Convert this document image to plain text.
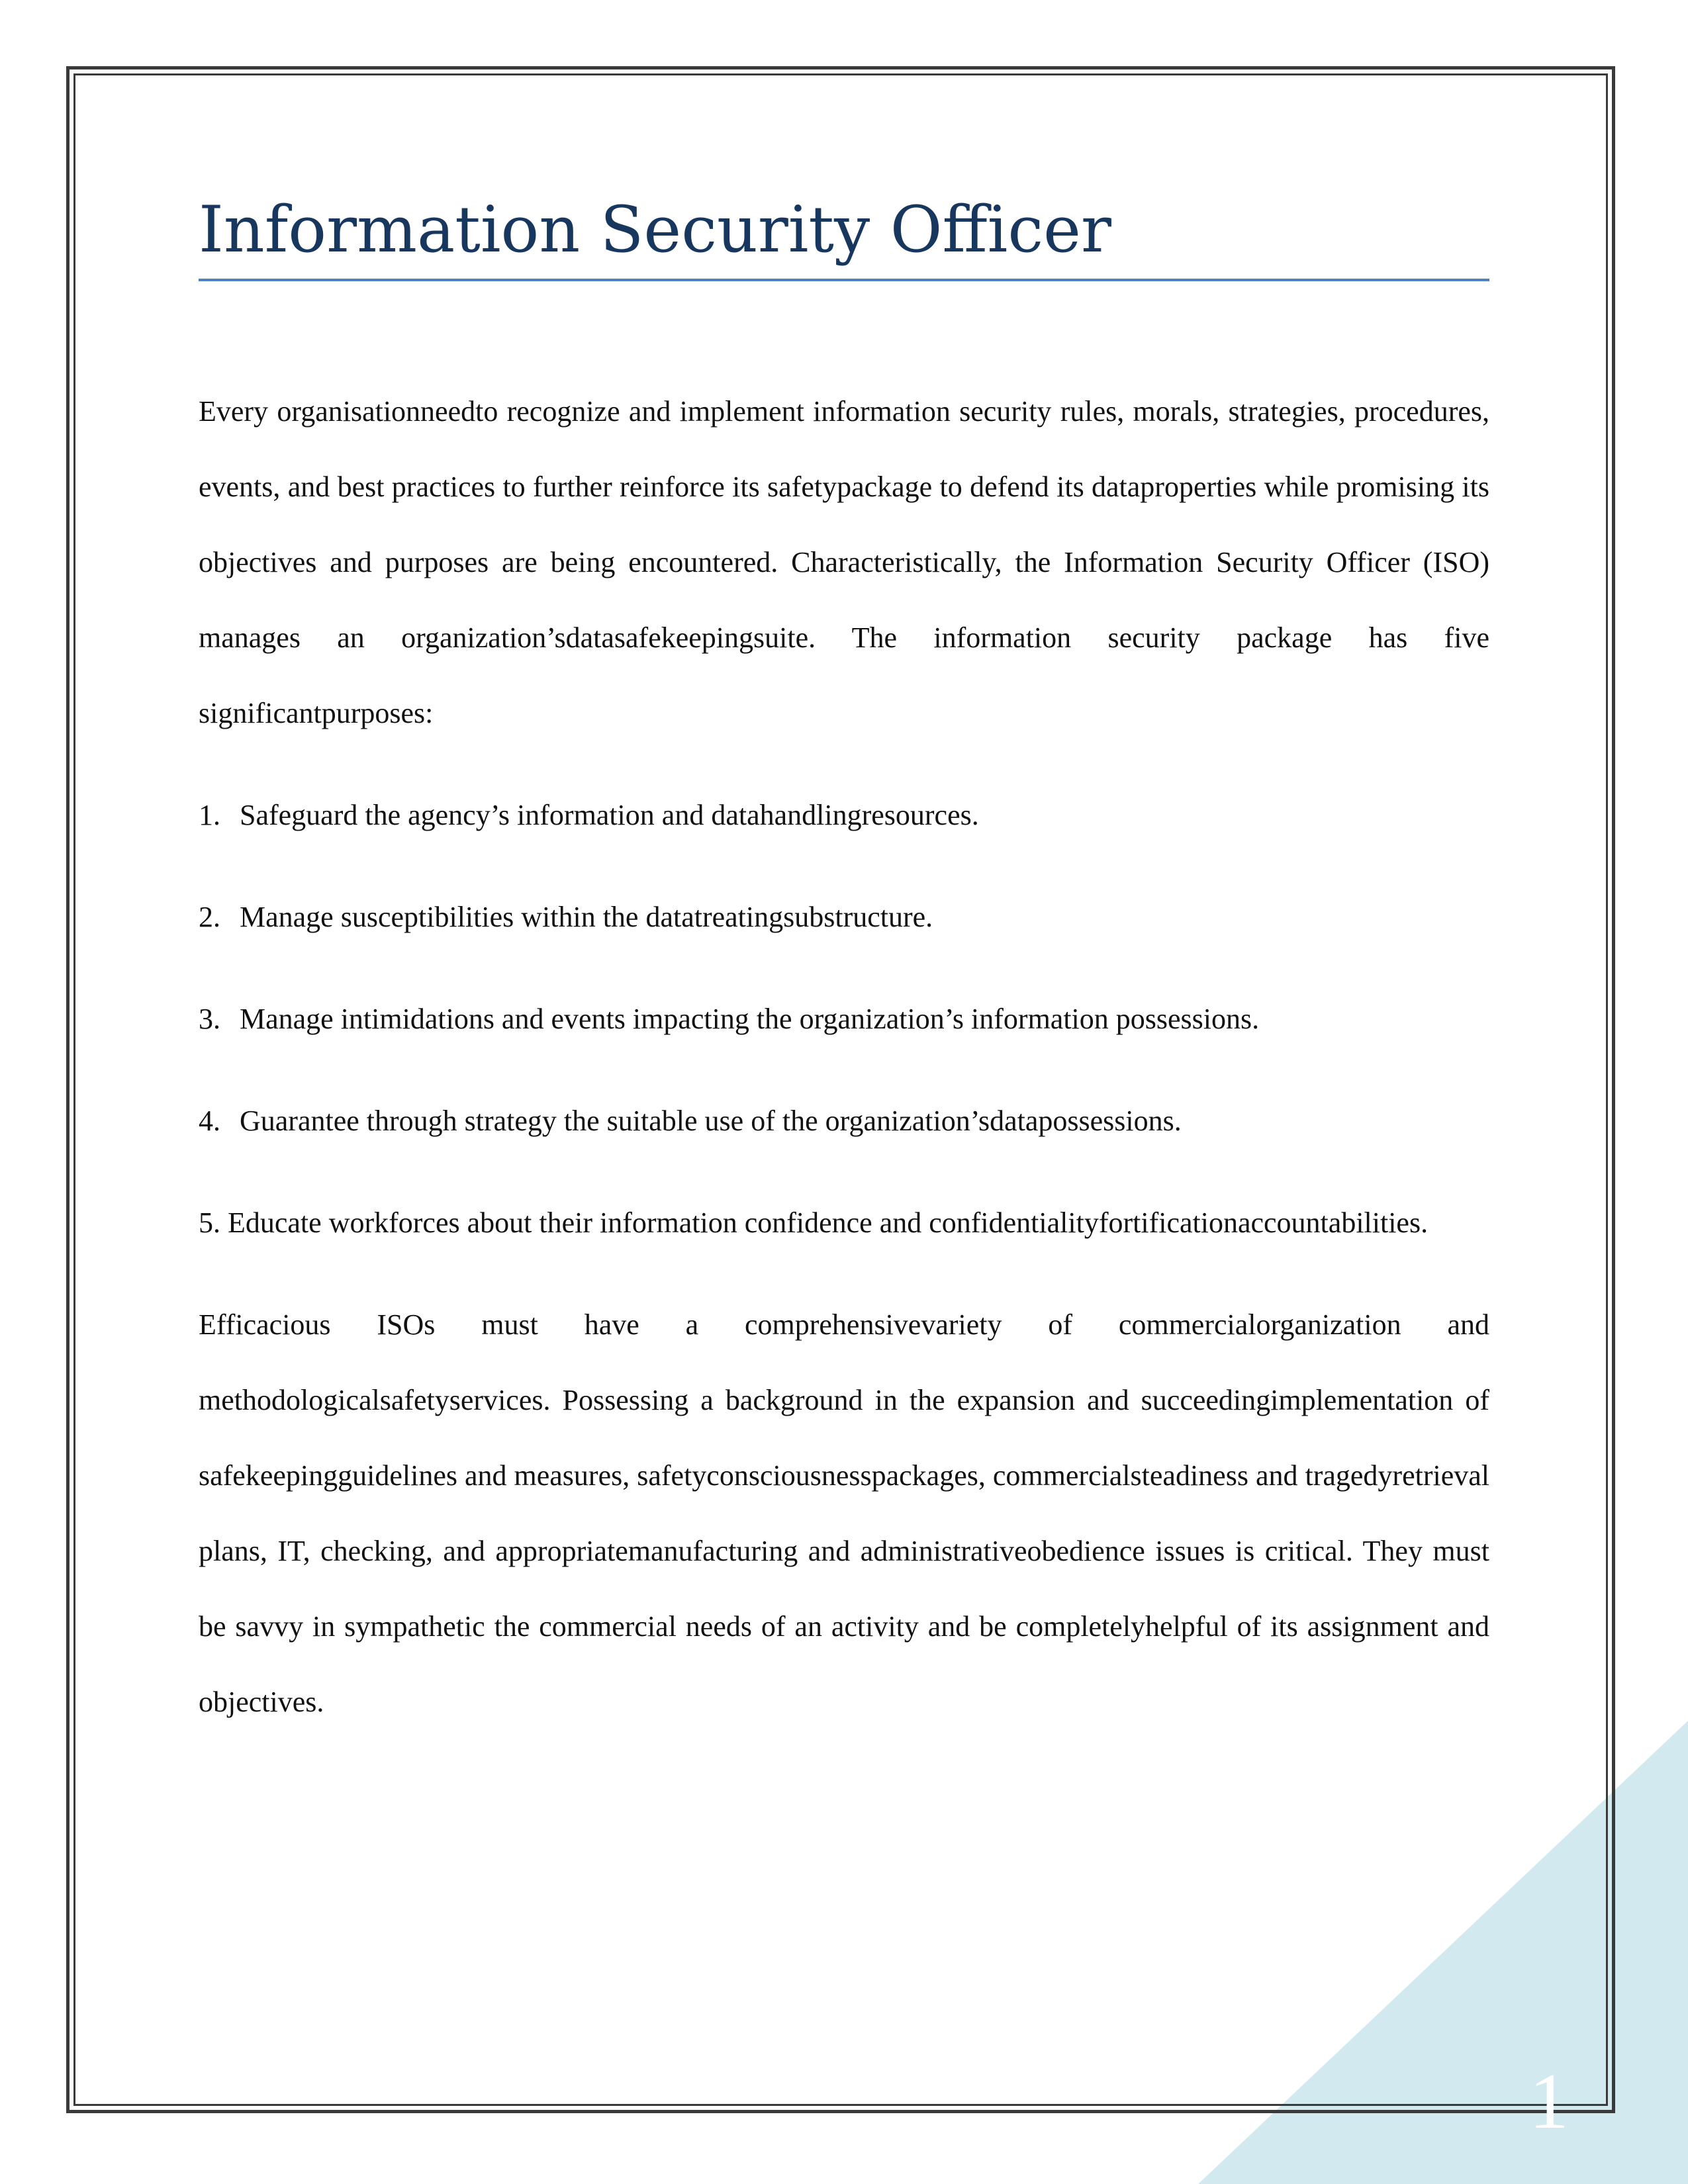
Information Security Officer

Every organisationneedto recognize and implement information security rules, morals, strategies, procedures, events, and best practices to further reinforce its safetypackage to defend its dataproperties while promising its objectives and purposes are being encountered. Characteristically, the Information Security Officer (ISO) manages an organization’sdatasafekeepingsuite. The information security package has five significantpurposes:

1. Safeguard the agency’s information and datahandlingresources.

2. Manage susceptibilities within the datatreatingsubstructure.

3. Manage intimidations and events impacting the organization’s information possessions.

4. Guarantee through strategy the suitable use of the organization’sdatapossessions.

5. Educate workforces about their information confidence and confidentialityfortificationaccountabilities.

Efficacious ISOs must have a comprehensivevariety of commercialorganization and methodologicalsafetyservices. Possessing a background in the expansion and succeedingimplementation of safekeepingguidelines and measures, safetyconsciousnesspackages, commercialsteadiness and tragedyretrieval plans, IT, checking, and appropriatemanufacturing and administrativeobedience issues is critical. They must be savvy in sympathetic the commercial needs of an activity and be completelyhelpful of its assignment and objectives.

1
